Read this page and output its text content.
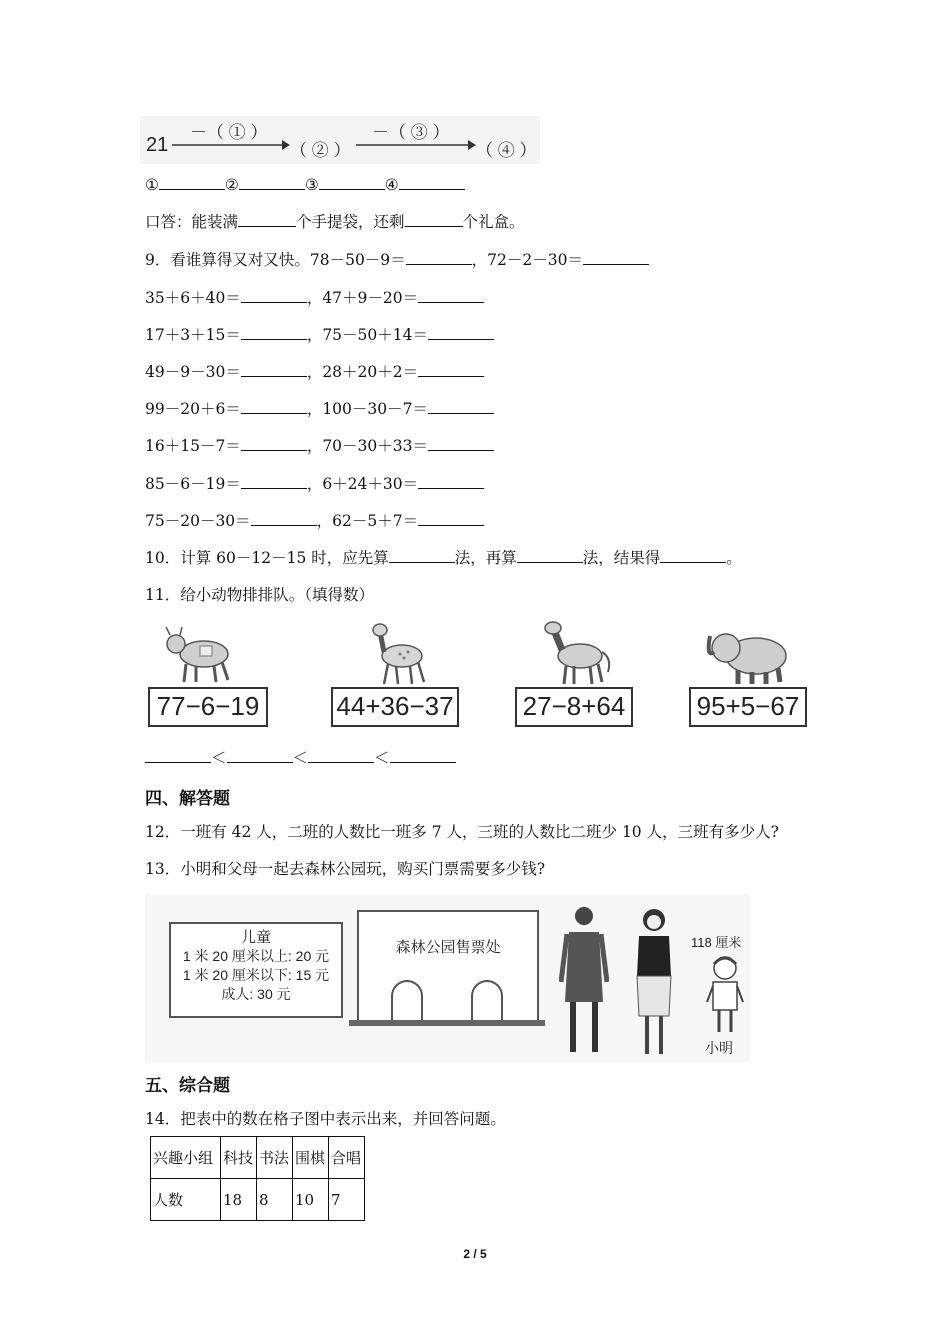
21
－（ ① ）
（ ② ）
－（ ③ ）
（ ④ ）
①	②	③	④
口答：能装满	个手提袋，还剩	个礼盒。
9．看谁算得又对又快。78－50－9＝	，72－2－30＝
35＋6＋40＝	，47＋9－20＝
17＋3＋15＝	，75－50＋14＝
49－9－30＝	，28＋20＋2＝
99－20＋6＝	，100－30－7＝
16＋15－7＝	，70－30＋33＝
85－6－19＝	，6＋24＋30＝
75－20－30＝	，62－5＋7＝
10．计算 60－12－15 时，应先算	法，再算	法，结果得	。
11．给小动物排排队。（填得数）
77−6−19	44+36−37	27−8+64	95+5−67
＜	＜	＜
四、解答题
12．一班有 42 人，二班的人数比一班多 7 人，三班的人数比二班少 10 人，三班有多少人?
13．小明和父母一起去森林公园玩，购买门票需要多少钱?
儿童
1 米 20 厘米以上: 20 元
1 米 20 厘米以下: 15 元
成人: 30 元
森林公园售票处	118 厘米
小明
五、综合题
14．把表中的数在格子图中表示出来，并回答问题。
兴趣小组	科技	书法	围棋	合唱
人数	18	8	10	7
2 / 5
